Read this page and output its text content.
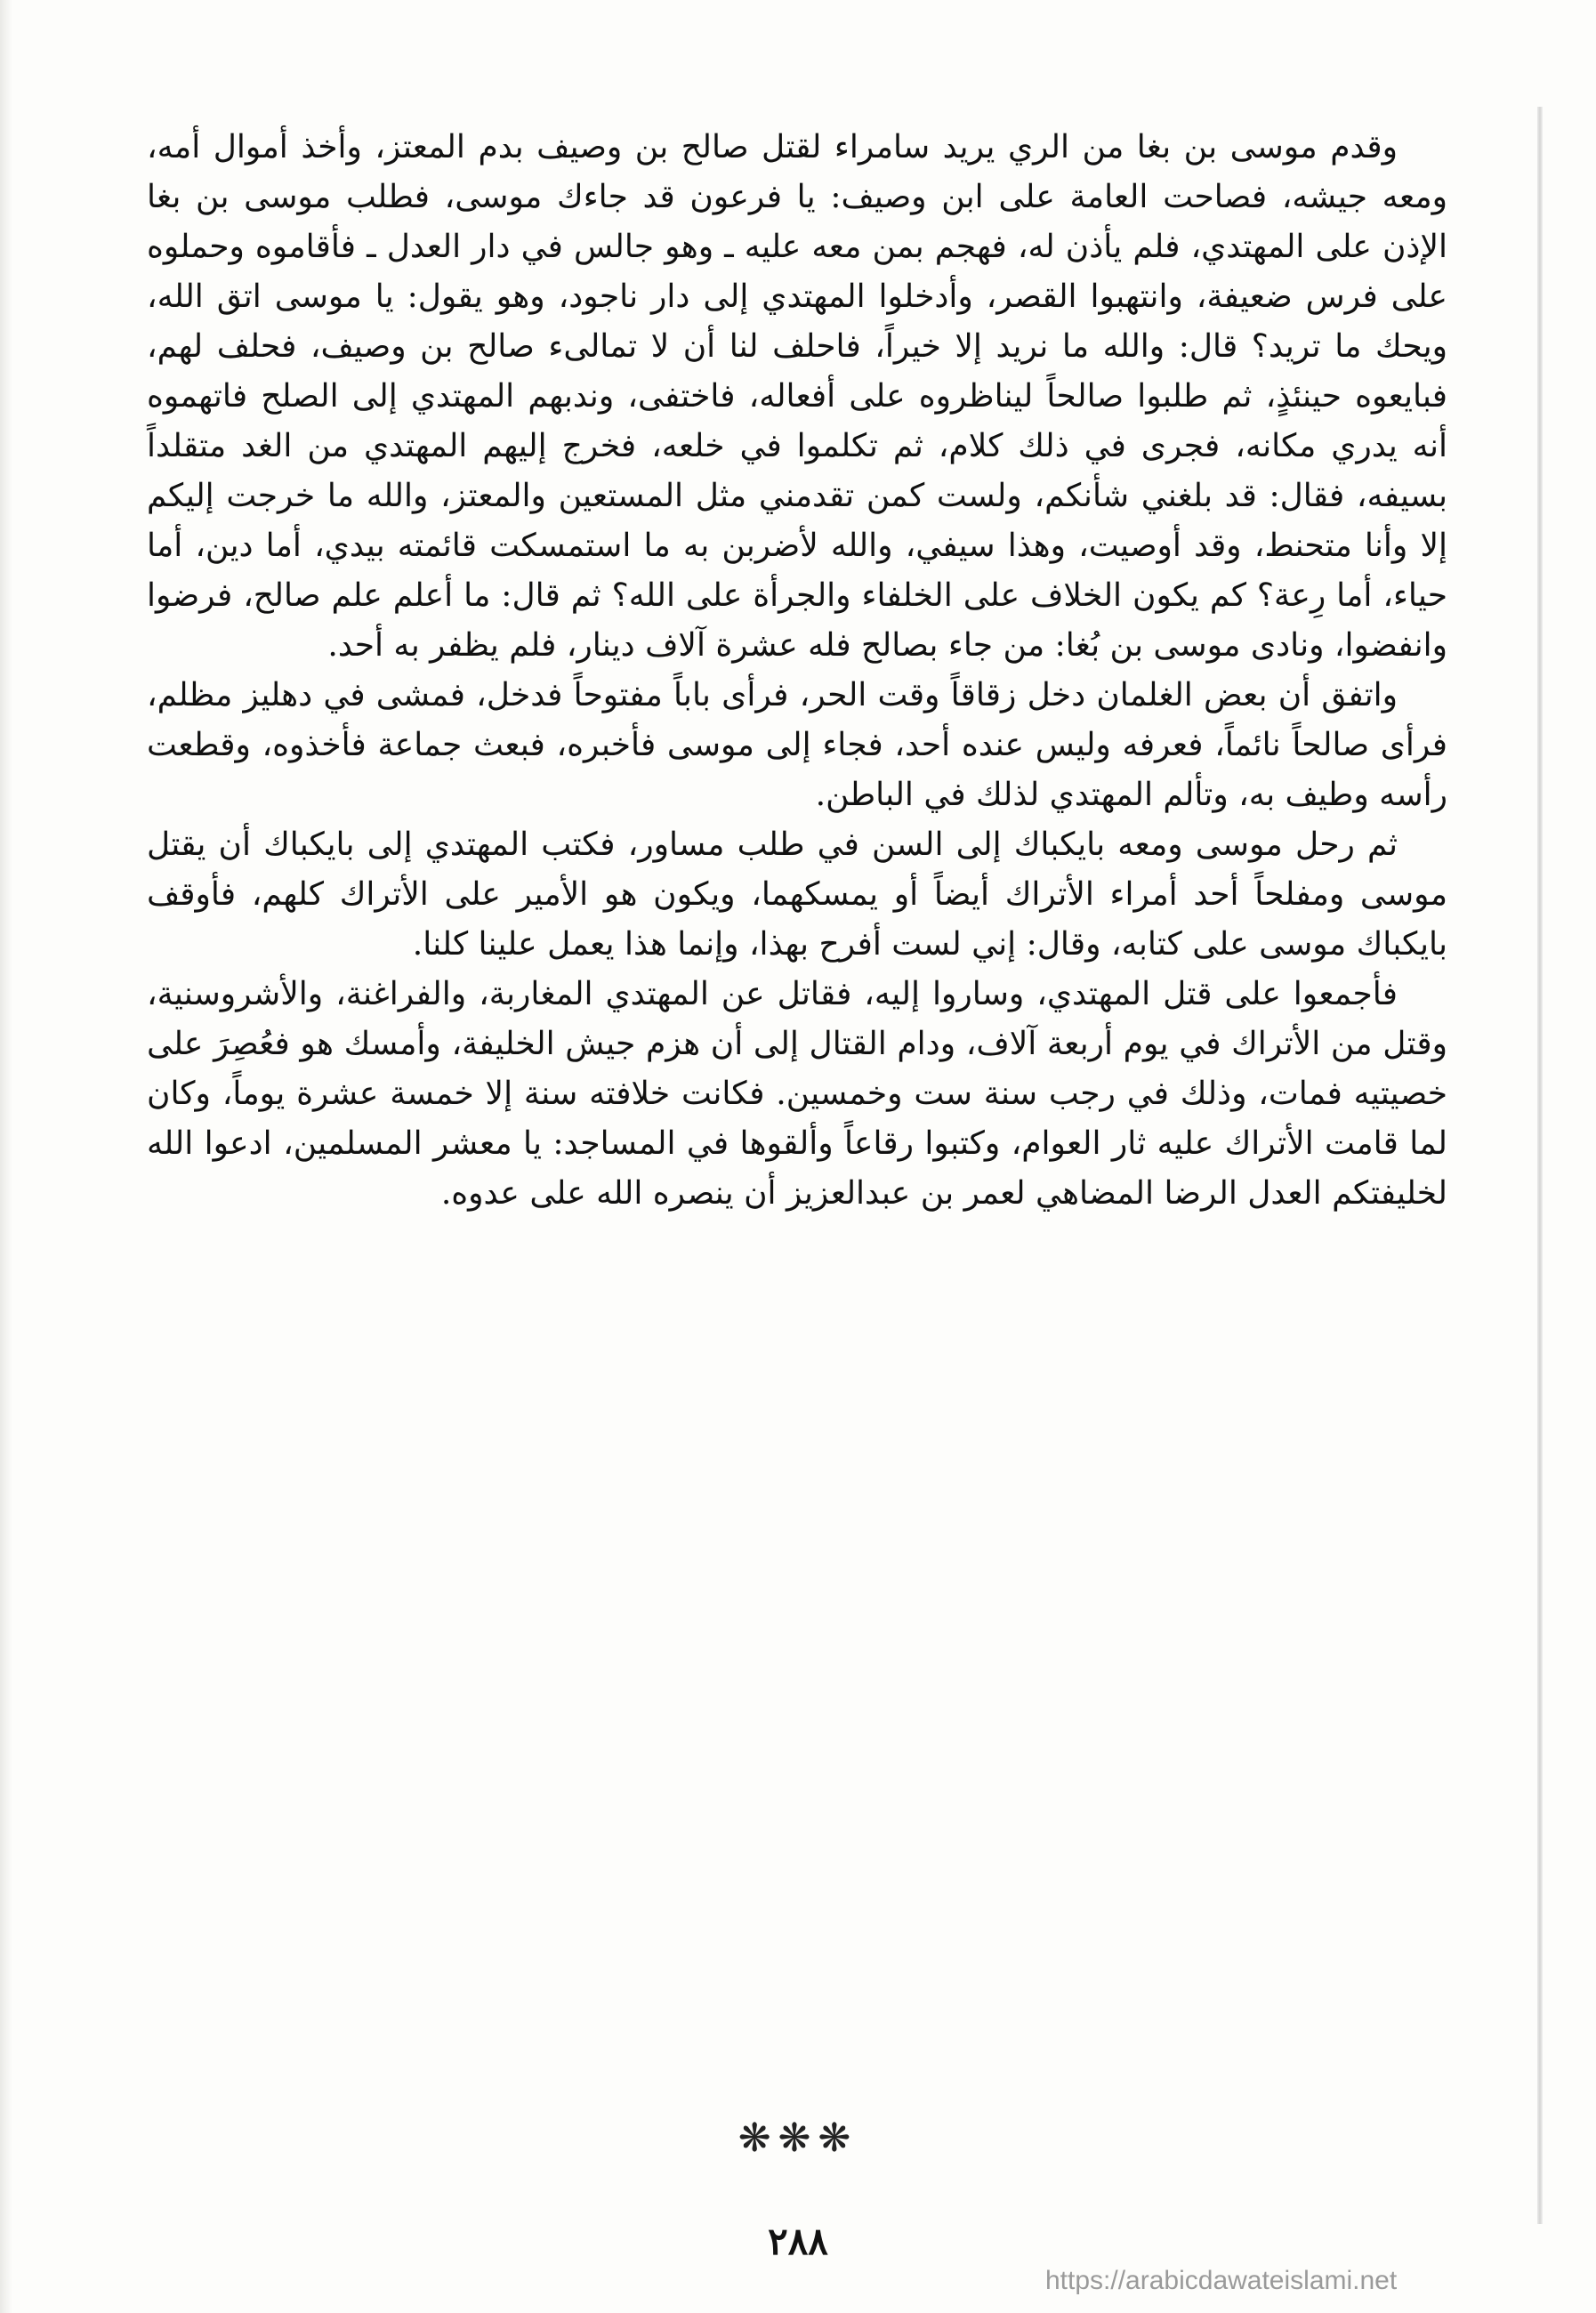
وقدم موسى بن بغا من الري يريد سامراء لقتل صالح بن وصيف بدم المعتز، وأخذ أموال أمه، ومعه جيشه، فصاحت العامة على ابن وصيف: يا فرعون قد جاءك موسى، فطلب موسى بن بغا الإذن على المهتدي، فلم يأذن له، فهجم بمن معه عليه ـ وهو جالس في دار العدل ـ فأقاموه وحملوه على فرس ضعيفة، وانتهبوا القصر، وأدخلوا المهتدي إلى دار ناجود، وهو يقول: يا موسى اتق الله، ويحك ما تريد؟ قال: والله ما نريد إلا خيراً، فاحلف لنا أن لا تمالىء صالح بن وصيف، فحلف لهم، فبايعوه حينئذٍ، ثم طلبوا صالحاً ليناظروه على أفعاله، فاختفى، وندبهم المهتدي إلى الصلح فاتهموه أنه يدري مكانه، فجرى في ذلك كلام، ثم تكلموا في خلعه، فخرج إليهم المهتدي من الغد متقلداً بسيفه، فقال: قد بلغني شأنكم، ولست كمن تقدمني مثل المستعين والمعتز، والله ما خرجت إليكم إلا وأنا متحنط، وقد أوصيت، وهذا سيفي، والله لأضربن به ما استمسكت قائمته بيدي، أما دين، أما حياء، أما رِعة؟ كم يكون الخلاف على الخلفاء والجرأة على الله؟ ثم قال: ما أعلم علم صالح، فرضوا وانفضوا، ونادى موسى بن بُغا: من جاء بصالح فله عشرة آلاف دينار، فلم يظفر به أحد.

واتفق أن بعض الغلمان دخل زقاقاً وقت الحر، فرأى باباً مفتوحاً فدخل، فمشى في دهليز مظلم، فرأى صالحاً نائماً، فعرفه وليس عنده أحد، فجاء إلى موسى فأخبره، فبعث جماعة فأخذوه، وقطعت رأسه وطيف به، وتألم المهتدي لذلك في الباطن.

ثم رحل موسى ومعه بايكباك إلى السن في طلب مساور، فكتب المهتدي إلى بايكباك أن يقتل موسى ومفلحاً أحد أمراء الأتراك أيضاً أو يمسكهما، ويكون هو الأمير على الأتراك كلهم، فأوقف بايكباك موسى على كتابه، وقال: إني لست أفرح بهذا، وإنما هذا يعمل علينا كلنا.

فأجمعوا على قتل المهتدي، وساروا إليه، فقاتل عن المهتدي المغاربة، والفراغنة، والأشروسنية، وقتل من الأتراك في يوم أربعة آلاف، ودام القتال إلى أن هزم جيش الخليفة، وأمسك هو فعُصِرَ على خصيتيه فمات، وذلك في رجب سنة ست وخمسين. فكانت خلافته سنة إلا خمسة عشرة يوماً، وكان لما قامت الأتراك عليه ثار العوام، وكتبوا رقاعاً وألقوها في المساجد: يا معشر المسلمين، ادعوا الله لخليفتكم العدل الرضا المضاهي لعمر بن عبدالعزيز أن ينصره الله على عدوه.

❋❋❋
٢٨٨
https://arabicdawateislami.net
